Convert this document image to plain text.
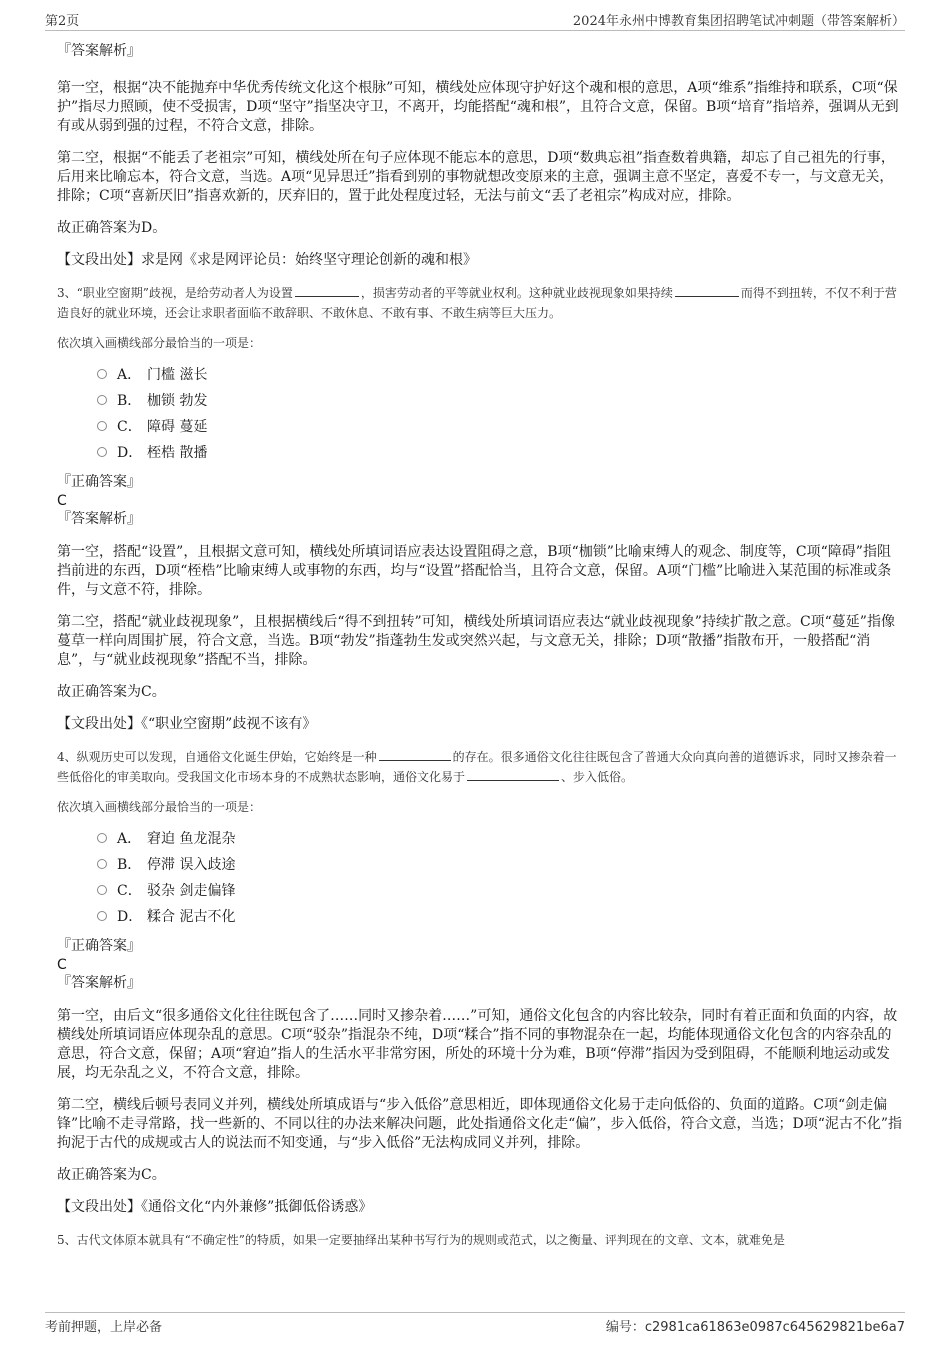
第2页	2024年永州中博教育集团招聘笔试冲刺题（带答案解析）

『答案解析』

第一空，根据“决不能抛弃中华优秀传统文化这个根脉”可知，横线处应体现守护好这个魂和根的意思，A项“维系”指维持和联系，C项“保护”指尽力照顾，使不受损害，D项“坚守”指坚决守卫，不离开，均能搭配“魂和根”，且符合文意，保留。B项“培育”指培养，强调从无到有或从弱到强的过程，不符合文意，排除。

第二空，根据“不能丢了老祖宗”可知，横线处所在句子应体现不能忘本的意思，D项“数典忘祖”指查数着典籍，却忘了自己祖先的行事，后用来比喻忘本，符合文意，当选。A项“见异思迁”指看到别的事物就想改变原来的主意，强调主意不坚定，喜爱不专一，与文意无关，排除；C项“喜新厌旧”指喜欢新的，厌弃旧的，置于此处程度过轻，无法与前文“丢了老祖宗”构成对应，排除。

故正确答案为D。

【文段出处】求是网《求是网评论员：始终坚守理论创新的魂和根》

3、“职业空窗期”歧视，是给劳动者人为设置	，损害劳动者的平等就业权利。这种就业歧视现象如果持续	而得不到扭转，不仅不利于营造良好的就业环境，还会让求职者面临不敢辞职、不敢休息、不敢有事、不敢生病等巨大压力。

依次填入画横线部分最恰当的一项是：

A． 门槛 滋长
B． 枷锁 勃发
C． 障碍 蔓延
D． 桎梏 散播

『正确答案』

C

『答案解析』

第一空，搭配“设置”，且根据文意可知，横线处所填词语应表达设置阻碍之意，B项“枷锁”比喻束缚人的观念、制度等，C项“障碍”指阻挡前进的东西，D项“桎梏”比喻束缚人或事物的东西，均与“设置”搭配恰当，且符合文意，保留。A项“门槛”比喻进入某范围的标准或条件，与文意不符，排除。

第二空，搭配“就业歧视现象”，且根据横线后“得不到扭转”可知，横线处所填词语应表达“就业歧视现象”持续扩散之意。C项“蔓延”指像蔓草一样向周围扩展，符合文意，当选。B项“勃发”指蓬勃生发或突然兴起，与文意无关，排除；D项“散播”指散布开，一般搭配“消息”，与“就业歧视现象”搭配不当，排除。

故正确答案为C。

【文段出处】《“职业空窗期”歧视不该有》

4、纵观历史可以发现，自通俗文化诞生伊始，它始终是一种	的存在。很多通俗文化往往既包含了普通大众向真向善的道德诉求，同时又掺杂着一些低俗化的审美取向。受我国文化市场本身的不成熟状态影响，通俗文化易于	、步入低俗。

依次填入画横线部分最恰当的一项是：

A． 窘迫 鱼龙混杂
B． 停滞 误入歧途
C． 驳杂 剑走偏锋
D． 糅合 泥古不化

『正确答案』

C

『答案解析』

第一空，由后文“很多通俗文化往往既包含了……同时又掺杂着……”可知，通俗文化包含的内容比较杂，同时有着正面和负面的内容，故横线处所填词语应体现杂乱的意思。C项“驳杂”指混杂不纯，D项“糅合”指不同的事物混杂在一起，均能体现通俗文化包含的内容杂乱的意思，符合文意，保留；A项“窘迫”指人的生活水平非常穷困，所处的环境十分为难，B项“停滞”指因为受到阻碍，不能顺利地运动或发展，均无杂乱之义，不符合文意，排除。

第二空，横线后顿号表同义并列，横线处所填成语与“步入低俗”意思相近，即体现通俗文化易于走向低俗的、负面的道路。C项“剑走偏锋”比喻不走寻常路，找一些新的、不同以往的办法来解决问题，此处指通俗文化走“偏”，步入低俗，符合文意，当选；D项“泥古不化”指拘泥于古代的成规或古人的说法而不知变通，与“步入低俗”无法构成同义并列，排除。

故正确答案为C。

【文段出处】《通俗文化“内外兼修”抵御低俗诱惑》

5、古代文体原本就具有“不确定性”的特质，如果一定要抽绎出某种书写行为的规则或范式，以之衡量、评判现在的文章、文本，就难免是

考前押题，上岸必备	编号：c2981ca61863e0987c645629821be6a7
